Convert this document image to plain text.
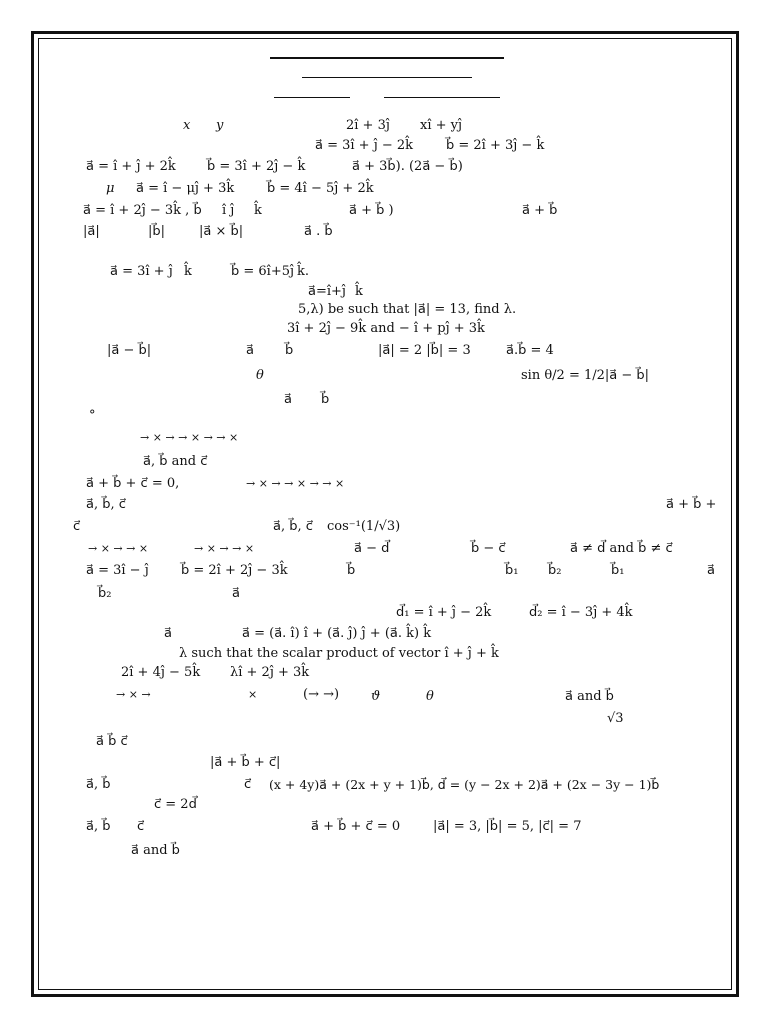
x y	2î + 3ĵ xî + yĵ
a⃗ = 3î + ĵ − 2k̂	b⃗ = 2î + 3ĵ − k̂
a⃗ = î + ĵ + 2k̂ b⃗ = 3î + 2ĵ − k̂	a⃗ + 3b⃗). (2a⃗ − b⃗)
μ a⃗ = î − μĵ + 3k̂	b⃗ = 4î − 5ĵ + 2k̂
a⃗ = î + 2ĵ − 3k̂ , b⃗ î ĵ k̂	a⃗ + b⃗ )	a⃗ + b⃗
|a⃗|	|b⃗|	|a⃗ × b⃗|	a⃗ . b⃗
a⃗ = 3î + ĵ k̂	b⃗ = 6î+5ĵ k̂.
a⃗=î+ĵ k̂
5,λ) be such that |a⃗| = 13, find λ.
3î + 2ĵ − 9k̂ and − î + pĵ + 3k̂
|a⃗ − b⃗|	a⃗ b⃗	|a⃗| = 2 |b⃗| = 3	a⃗.b⃗ = 4
θ	sin θ/2 = 1/2|a⃗ − b⃗|
a⃗ b⃗
°
→ × → → × → → ×
a⃗, b⃗ and c⃗
a⃗ + b⃗ + c⃗ = 0,	→ × → → × → → ×
a⃗, b⃗, c⃗	a⃗ + b⃗ +
c⃗	a⃗, b⃗, c⃗ cos⁻¹(1/√3)
→ × → → ×	→ × → → ×	a⃗ − d⃗	b⃗ − c⃗	a⃗ ≠ d⃗ and b⃗ ≠ c⃗
a⃗ = 3î − ĵ b⃗ = 2î + 2ĵ − 3k̂	b⃗	b⃗₁ b⃗₂	b⃗₁	a⃗
b⃗₂	a⃗
d⃗₁ = î + ĵ − 2k̂	d⃗₂ = î − 3ĵ + 4k̂
a⃗	a⃗ = (a⃗. î) î + (a⃗. ĵ) ĵ + (a⃗. k̂) k̂
λ such that the scalar product of vector î + ĵ + k̂
2î + 4ĵ − 5k̂ λî + 2ĵ + 3k̂
→ × →	×	(→ →) ϑ	θ	a⃗ and b⃗
√3
a⃗ b⃗ c⃗
|a⃗ + b⃗ + c⃗|
a⃗, b⃗	c⃗ (x + 4y)a⃗ + (2x + y + 1)b⃗, d⃗ = (y − 2x + 2)a⃗ + (2x − 3y − 1)b⃗
c⃗ = 2d⃗
a⃗, b⃗ c⃗	a⃗ + b⃗ + c⃗ = 0	|a⃗| = 3, |b⃗| = 5, |c⃗| = 7
a⃗ and b⃗
